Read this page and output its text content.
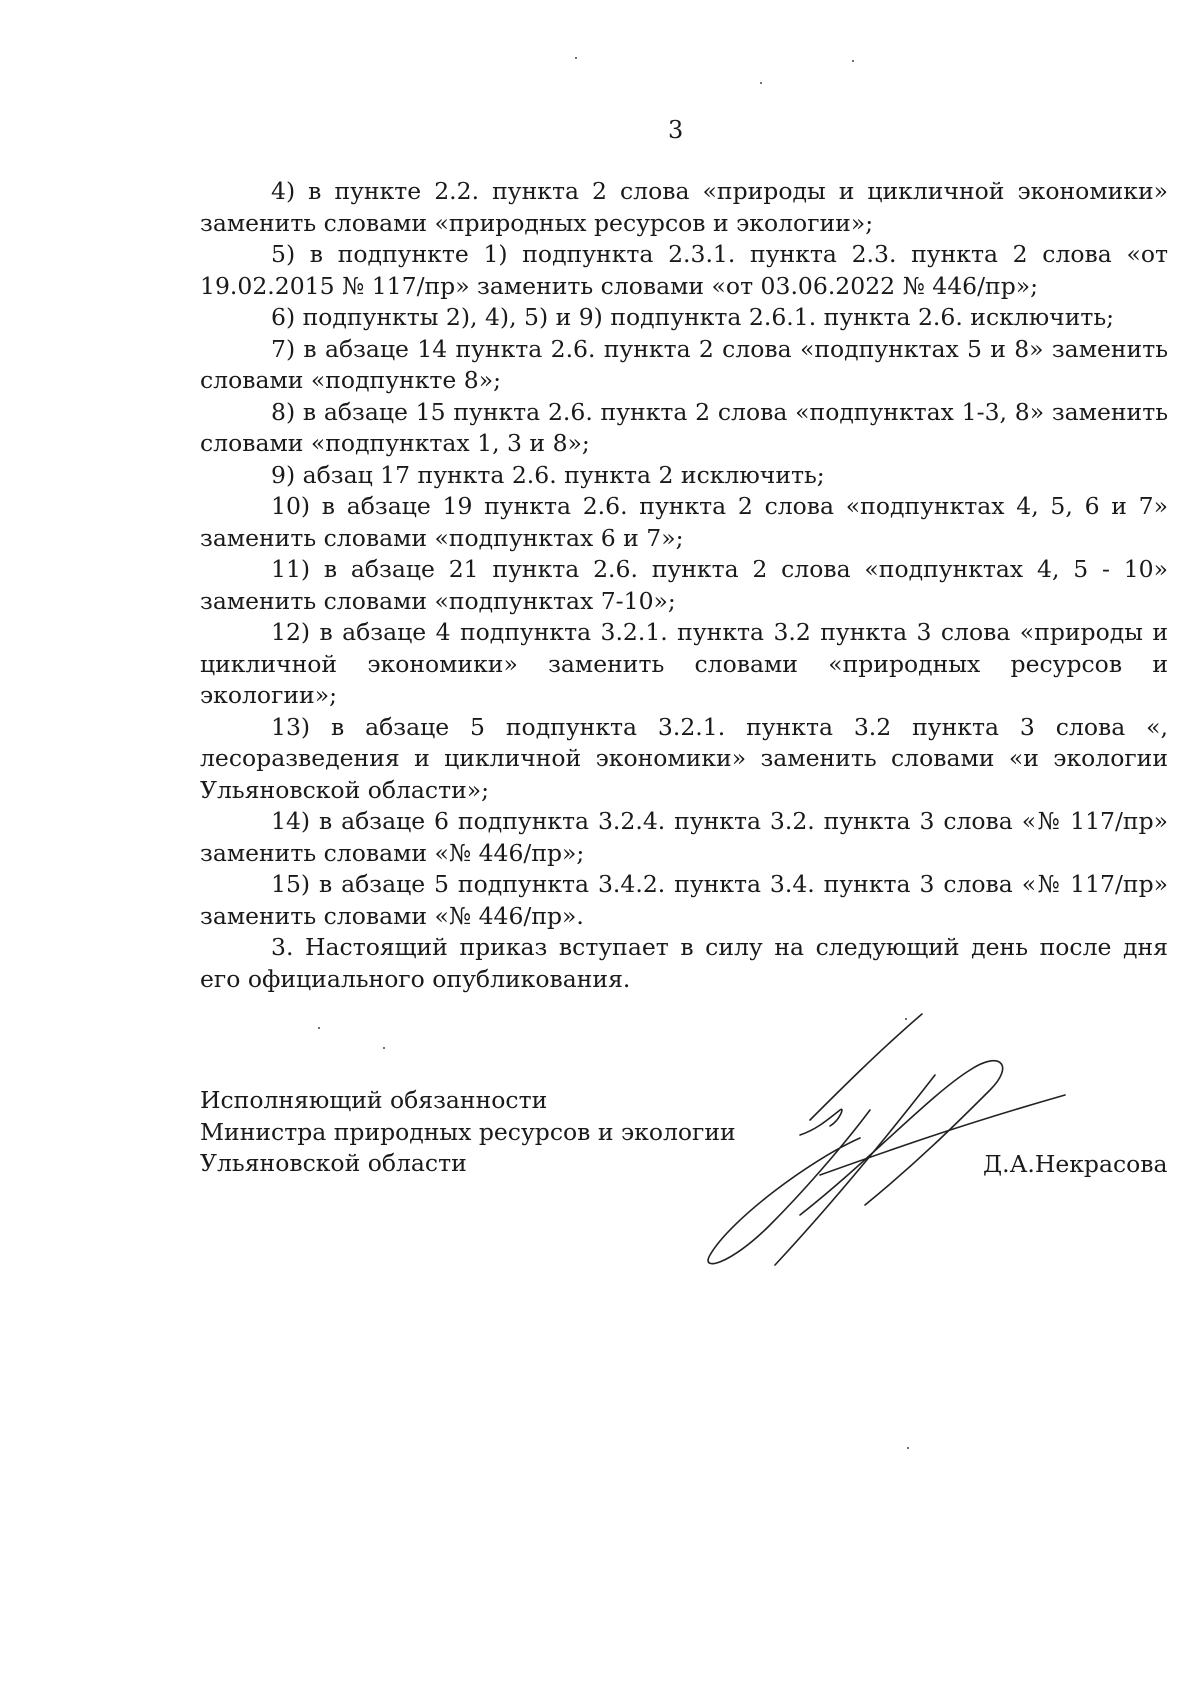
3

4) в пункте 2.2. пункта 2 слова «природы и цикличной экономики» заменить словами «природных ресурсов и экологии»;

5) в подпункте 1) подпункта 2.3.1. пункта 2.3. пункта 2 слова «от 19.02.2015 № 117/пр» заменить словами «от 03.06.2022 № 446/пр»;

6) подпункты 2), 4), 5) и 9) подпункта 2.6.1. пункта 2.6. исключить;

7) в абзаце 14 пункта 2.6. пункта 2 слова «подпунктах 5 и 8» заменить словами «подпункте 8»;

8) в абзаце 15 пункта 2.6. пункта 2 слова «подпунктах 1-3, 8» заменить словами «подпунктах 1, 3 и 8»;

9) абзац 17 пункта 2.6. пункта 2 исключить;

10) в абзаце 19 пункта 2.6. пункта 2 слова «подпунктах 4, 5, 6 и 7» заменить словами «подпунктах 6 и 7»;

11) в абзаце 21 пункта 2.6. пункта 2 слова «подпунктах 4, 5 - 10» заменить словами «подпунктах 7-10»;

12) в абзаце 4 подпункта 3.2.1. пункта 3.2 пункта 3 слова «природы и цикличной экономики» заменить словами «природных ресурсов и экологии»;

13) в абзаце 5 подпункта 3.2.1. пункта 3.2 пункта 3 слова «, лесоразведения и цикличной экономики» заменить словами «и экологии Ульяновской области»;

14) в абзаце 6 подпункта 3.2.4. пункта 3.2. пункта 3 слова «№ 117/пр» заменить словами «№ 446/пр»;

15) в абзаце 5 подпункта 3.4.2. пункта 3.4. пункта 3 слова «№ 117/пр» заменить словами «№ 446/пр».

3. Настоящий приказ вступает в силу на следующий день после дня его официального опубликования.

Исполняющий обязанности
Министра природных ресурсов и экологии
Ульяновской области	Д.А.Некрасова
